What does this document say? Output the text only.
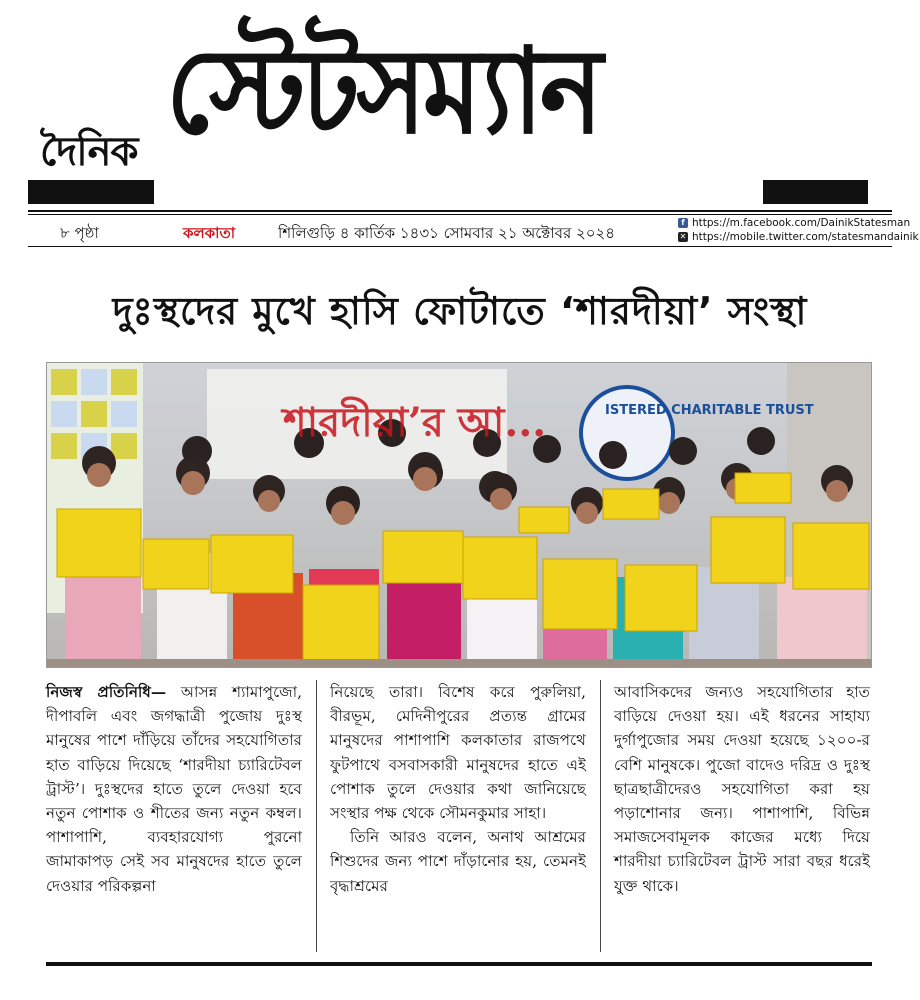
দৈনিক স্টেটসম্যান
৮ পৃষ্ঠা	কলকাতা	শিলিগুড়ি ৪ কার্তিক ১৪৩১ সোমবার ২১ অক্টোবর ২০২৪
f https://m.facebook.com/DainikStatesman
✕ https://mobile.twitter.com/statesmandainik
দুঃস্থদের মুখে হাসি ফোটাতে ‘শারদীয়া’ সংস্থা
শারদীয়া’র আ...	ISTERED CHARITABLE TRUST

নিজস্ব প্রতিনিধি— আসন্ন শ্যামাপুজো, দীপাবলি এবং জগদ্ধাত্রী পুজোয় দুঃস্থ মানুষের পাশে দাঁড়িয়ে তাঁদের সহযোগিতার হাত বাড়িয়ে দিয়েছে ‘শারদীয়া চ্যারিটেবল ট্রাস্ট’। দুঃস্থদের হাতে তুলে দেওয়া হবে নতুন পোশাক ও শীতের জন্য নতুন কম্বল। পাশাপাশি, ব্যবহারযোগ্য পুরনো জামাকাপড় সেই সব মানুষদের হাতে তুলে দেওয়ার পরিকল্পনা

নিয়েছে তারা। বিশেষ করে পুরুলিয়া, বীরভূম, মেদিনীপুরের প্রত্যন্ত গ্রামের মানুষদের পাশাপাশি কলকাতার রাজপথে ফুটপাথে বসবাসকারী মানুষদের হাতে এই পোশাক তুলে দেওয়ার কথা জানিয়েছে সংস্থার পক্ষ থেকে সৌমনকুমার সাহা।

তিনি আরও বলেন, অনাথ আশ্রমের শিশুদের জন্য পাশে দাঁড়ানোর হয়, তেমনই বৃদ্ধাশ্রমের

আবাসিকদের জন্যও সহযোগিতার হাত বাড়িয়ে দেওয়া হয়। এই ধরনের সাহায্য দুর্গাপুজোর সময় দেওয়া হয়েছে ১২০০-র বেশি মানুষকে। পুজো বাদেও দরিদ্র ও দুঃস্থ ছাত্রছাত্রীদেরও সহযোগিতা করা হয় পড়াশোনার জন্য। পাশাপাশি, বিভিন্ন সমাজসেবামূলক কাজের মধ্যে দিয়ে শারদীয়া চ্যারিটেবল ট্রাস্ট সারা বছর ধরেই যুক্ত থাকে।
